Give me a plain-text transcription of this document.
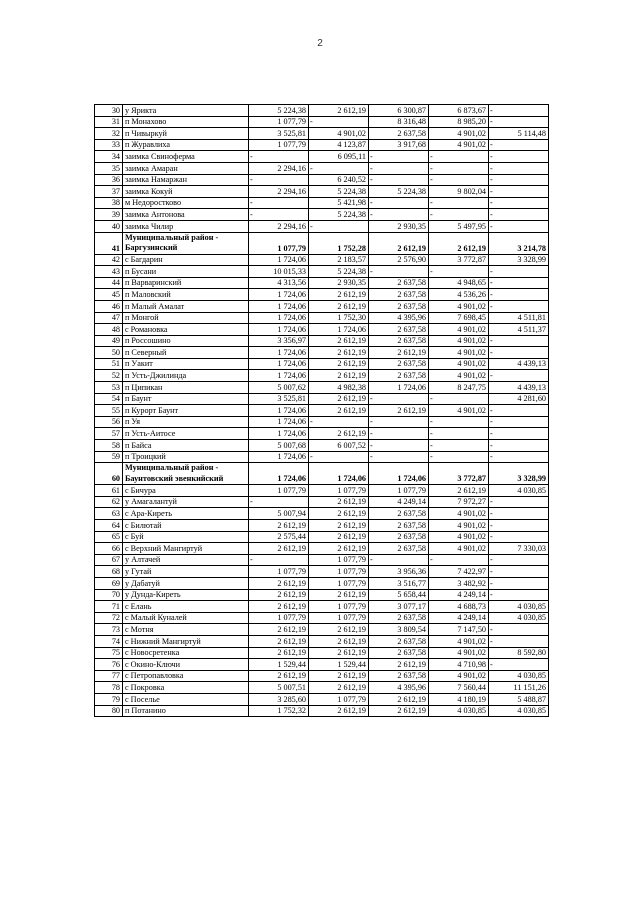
2
30	у Ярикта	5 224,38	2 612,19	6 300,87	6 873,67	-
31	п Монахово	1 077,79	-	8 316,48	8 985,20	-
32	п Чивыркуй	3 525,81	4 901,02	2 637,58	4 901,02	5 114,48
33	п Журавлиха	1 077,79	4 123,87	3 917,68	4 901,02	-
34	заимка Свиноферма	-	6 095,11	-	-	-
35	заимка Амаран	2 294,16	-	-	-	-
36	заимка Намаржан	-	6 240,52	-	-	-
37	заимка Кокуй	2 294,16	5 224,38	5 224,38	9 802,04	-
38	м Недоростково	-	5 421,98	-	-	-
39	заимка Антонова	-	5 224,38	-	-	-
40	заимка Чилир	2 294,16	-	2 930,35	5 497,95	-
41	Муниципальный район - Баргузинский	1 077,79	1 752,28	2 612,19	2 612,19	3 214,78
42	с Багдарин	1 724,06	2 183,57	2 576,90	3 772,87	3 328,99
43	п Бусани	10 015,33	5 224,38	-	-	-
44	п Варваринский	4 313,56	2 930,35	2 637,58	4 948,65	-
45	п Маловский	1 724,06	2 612,19	2 637,58	4 536,26	-
46	п Малый Амалат	1 724,06	2 612,19	2 637,58	4 901,02	-
47	п Монгой	1 724,06	1 752,30	4 395,96	7 698,45	4 511,81
48	с Романовка	1 724,06	1 724,06	2 637,58	4 901,02	4 511,37
49	п Россошино	3 356,97	2 612,19	2 637,58	4 901,02	-
50	п Северный	1 724,06	2 612,19	2 612,19	4 901,02	-
51	п Уакит	1 724,06	2 612,19	2 637,58	4 901,02	4 439,13
52	п Усть-Джилинда	1 724,06	2 612,19	2 637,58	4 901,02	-
53	п Ципикан	5 007,62	4 982,38	1 724,06	8 247,75	4 439,13
54	п Баунт	3 525,81	2 612,19	-	-	4 281,60
55	п Курорт Баунт	1 724,06	2 612,19	2 612,19	4 901,02	-
56	п Уя	1 724,06	-	-	-	-
57	п Усть-Аитосе	1 724,06	2 612,19	-	-	-
58	п Байса	5 007,68	6 007,52	-	-	-
59	п Троицкий	1 724,06	-	-	-	-
60	Муниципальный район - Баунтовский эвенкийский	1 724,06	1 724,06	1 724,06	3 772,87	3 328,99
61	с Бичура	1 077,79	1 077,79	1 077,79	2 612,19	4 030,85
62	у Амагалантуй	-	2 612,19	4 249,14	7 972,27	-
63	с Ара-Киреть	5 007,94	2 612,19	2 637,58	4 901,02	-
64	с Билютай	2 612,19	2 612,19	2 637,58	4 901,02	-
65	с Буй	2 575,44	2 612,19	2 637,58	4 901,02	-
66	с Верхний Мангиртуй	2 612,19	2 612,19	2 637,58	4 901,02	7 330,03
67	у Алтачей	-	1 077,79	-	-	-
68	у Гутай	1 077,79	1 077,79	3 956,36	7 422,97	-
69	у Дабатуй	2 612,19	1 077,79	3 516,77	3 482,92	-
70	у Дунда-Киреть	2 612,19	2 612,19	5 658,44	4 249,14	-
71	с Елань	2 612,19	1 077,79	3 077,17	4 688,73	4 030,85
72	с Малый Куналей	1 077,79	1 077,79	2 637,58	4 249,14	4 030,85
73	с Мотня	2 612,19	2 612,19	3 809,54	7 147,50	-
74	с Нижний Мангиртуй	2 612,19	2 612,19	2 637,58	4 901,02	-
75	с Новосретенка	2 612,19	2 612,19	2 637,58	4 901,02	8 592,80
76	с Окино-Ключи	1 529,44	1 529,44	2 612,19	4 710,98	-
77	с Петропавловка	2 612,19	2 612,19	2 637,58	4 901,02	4 030,85
78	с Покровка	5 007,51	2 612,19	4 395,96	7 560,44	11 151,26
79	с Поселье	3 285,60	1 077,79	2 612,19	4 180,19	5 488,87
80	п Потанино	1 752,32	2 612,19	2 612,19	4 030,85	4 030,85
